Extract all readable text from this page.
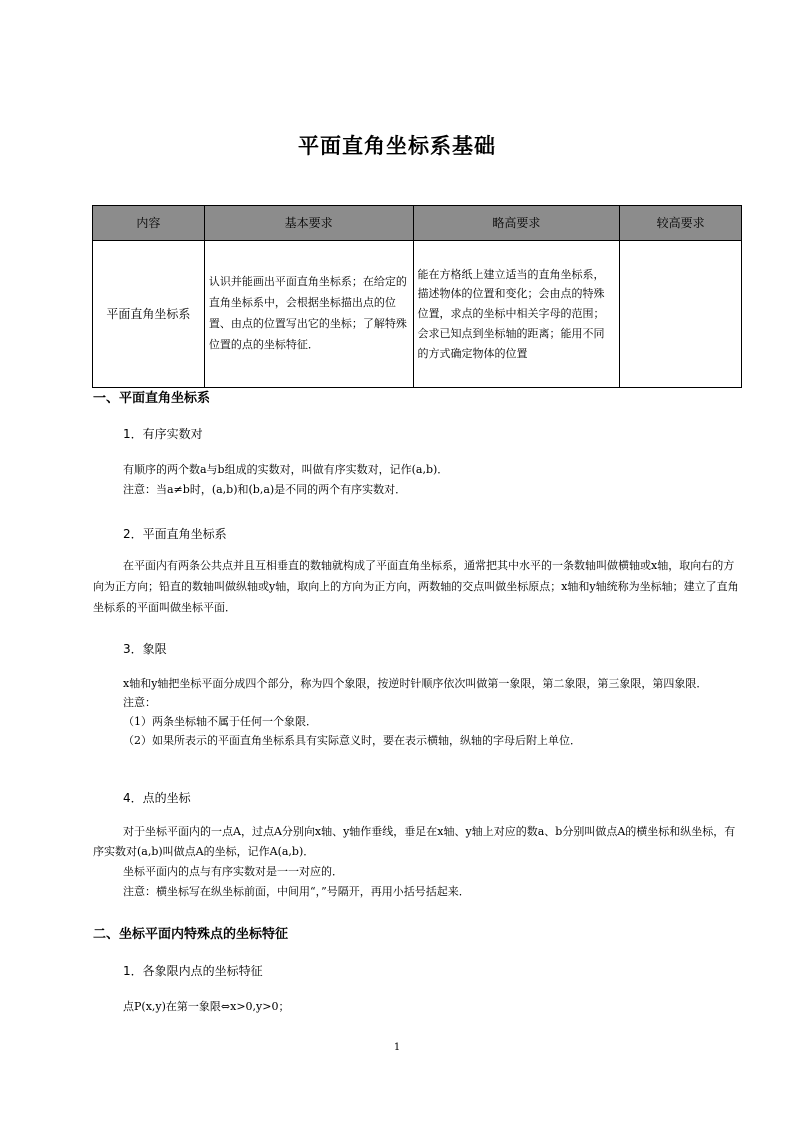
平面直角坐标系基础
内容	基本要求	略高要求	较高要求
平面直角坐标系	认识并能画出平面直角坐标系；在给定的直角坐标系中，会根据坐标描出点的位置、由点的位置写出它的坐标；了解特殊位置的点的坐标特征．	能在方格纸上建立适当的直角坐标系，描述物体的位置和变化；会由点的特殊位置，求点的坐标中相关字母的范围；会求已知点到坐标轴的距离；能用不同的方式确定物体的位置	
一、平面直角坐标系
1．有序实数对

有顺序的两个数a与b组成的实数对，叫做有序实数对，记作(a,b)．

注意：当a≠b时，(a,b)和(b,a)是不同的两个有序实数对．

2．平面直角坐标系

在平面内有两条公共点并且互相垂直的数轴就构成了平面直角坐标系，通常把其中水平的一条数轴叫做横轴或x轴，取向右的方向为正方向；铅直的数轴叫做纵轴或y轴，取向上的方向为正方向，两数轴的交点叫做坐标原点；x轴和y轴统称为坐标轴；建立了直角坐标系的平面叫做坐标平面．

3．象限

x轴和y轴把坐标平面分成四个部分，称为四个象限，按逆时针顺序依次叫做第一象限，第二象限，第三象限，第四象限．

注意：

（1）两条坐标轴不属于任何一个象限．

（2）如果所表示的平面直角坐标系具有实际意义时，要在表示横轴，纵轴的字母后附上单位．

4．点的坐标

对于坐标平面内的一点A，过点A分别向x轴、y轴作垂线，垂足在x轴、y轴上对应的数a、b分别叫做点A的横坐标和纵坐标，有序实数对(a,b)叫做点A的坐标，记作A(a,b)．

坐标平面内的点与有序实数对是一一对应的．

注意：横坐标写在纵坐标前面，中间用“，”号隔开，再用小括号括起来．

二、坐标平面内特殊点的坐标特征
1．各象限内点的坐标特征

点P(x,y)在第一象限⇔x>0,y>0；

1
